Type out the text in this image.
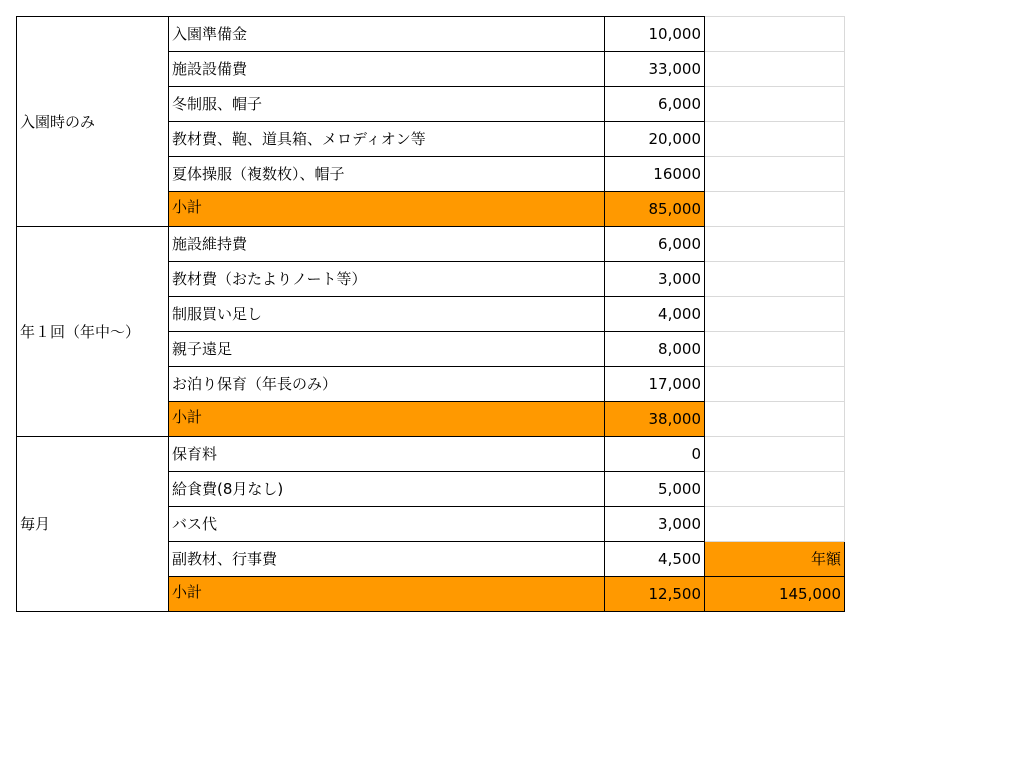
入園時のみ	入園準備金	10,000	
	施設設備費	33,000	
	冬制服、帽子	6,000	
	教材費、鞄、道具箱、メロディオン等	20,000	
	夏体操服（複数枚）、帽子	16000	
	小計	85,000	
年１回（年中～）	施設維持費	6,000	
	教材費（おたよりノート等）	3,000	
	制服買い足し	4,000	
	親子遠足	8,000	
	お泊り保育（年長のみ）	17,000	
	小計	38,000	
毎月	保育料	0	
	給食費(8月なし)	5,000	
	バス代	3,000	
	副教材、行事費	4,500	年額
	小計	12,500	145,000
